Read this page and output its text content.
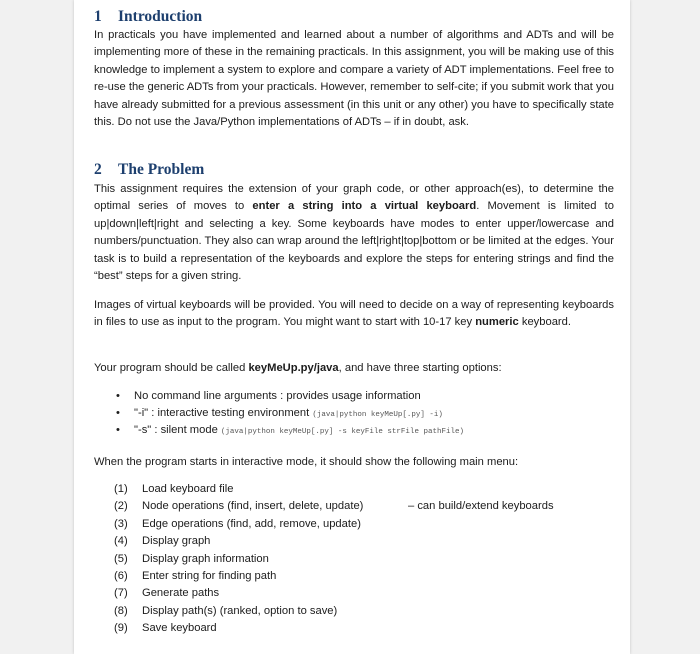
1 Introduction

In practicals you have implemented and learned about a number of algorithms and ADTs and will be implementing more of these in the remaining practicals. In this assignment, you will be making use of this knowledge to implement a system to explore and compare a variety of ADT implementations. Feel free to re-use the generic ADTs from your practicals. However, remember to self-cite; if you submit work that you have already submitted for a previous assessment (in this unit or any other) you have to specifically state this. Do not use the Java/Python implementations of ADTs – if in doubt, ask.

2 The Problem

This assignment requires the extension of your graph code, or other approach(es), to determine the optimal series of moves to enter a string into a virtual keyboard. Movement is limited to up|down|left|right and selecting a key. Some keyboards have modes to enter upper/lowercase and numbers/punctuation. They also can wrap around the left|right|top|bottom or be limited at the edges. Your task is to build a representation of the keyboards and explore the steps for entering strings and find the “best” steps for a given string.

Images of virtual keyboards will be provided. You will need to decide on a way of representing keyboards in files to use as input to the program. You might want to start with 10-17 key numeric keyboard.

Your program should be called keyMeUp.py/java, and have three starting options:

• No command line arguments : provides usage information
• "-i" : interactive testing environment (java|python keyMeUp[.py] -i)
• "-s" : silent mode (java|python keyMeUp[.py] -s keyFile strFile pathFile)

When the program starts in interactive mode, it should show the following main menu:

(1) Load keyboard file
(2) Node operations (find, insert, delete, update)	– can build/extend keyboards
(3) Edge operations (find, add, remove, update)
(4) Display graph
(5) Display graph information
(6) Enter string for finding path
(7) Generate paths
(8) Display path(s) (ranked, option to save)
(9) Save keyboard
